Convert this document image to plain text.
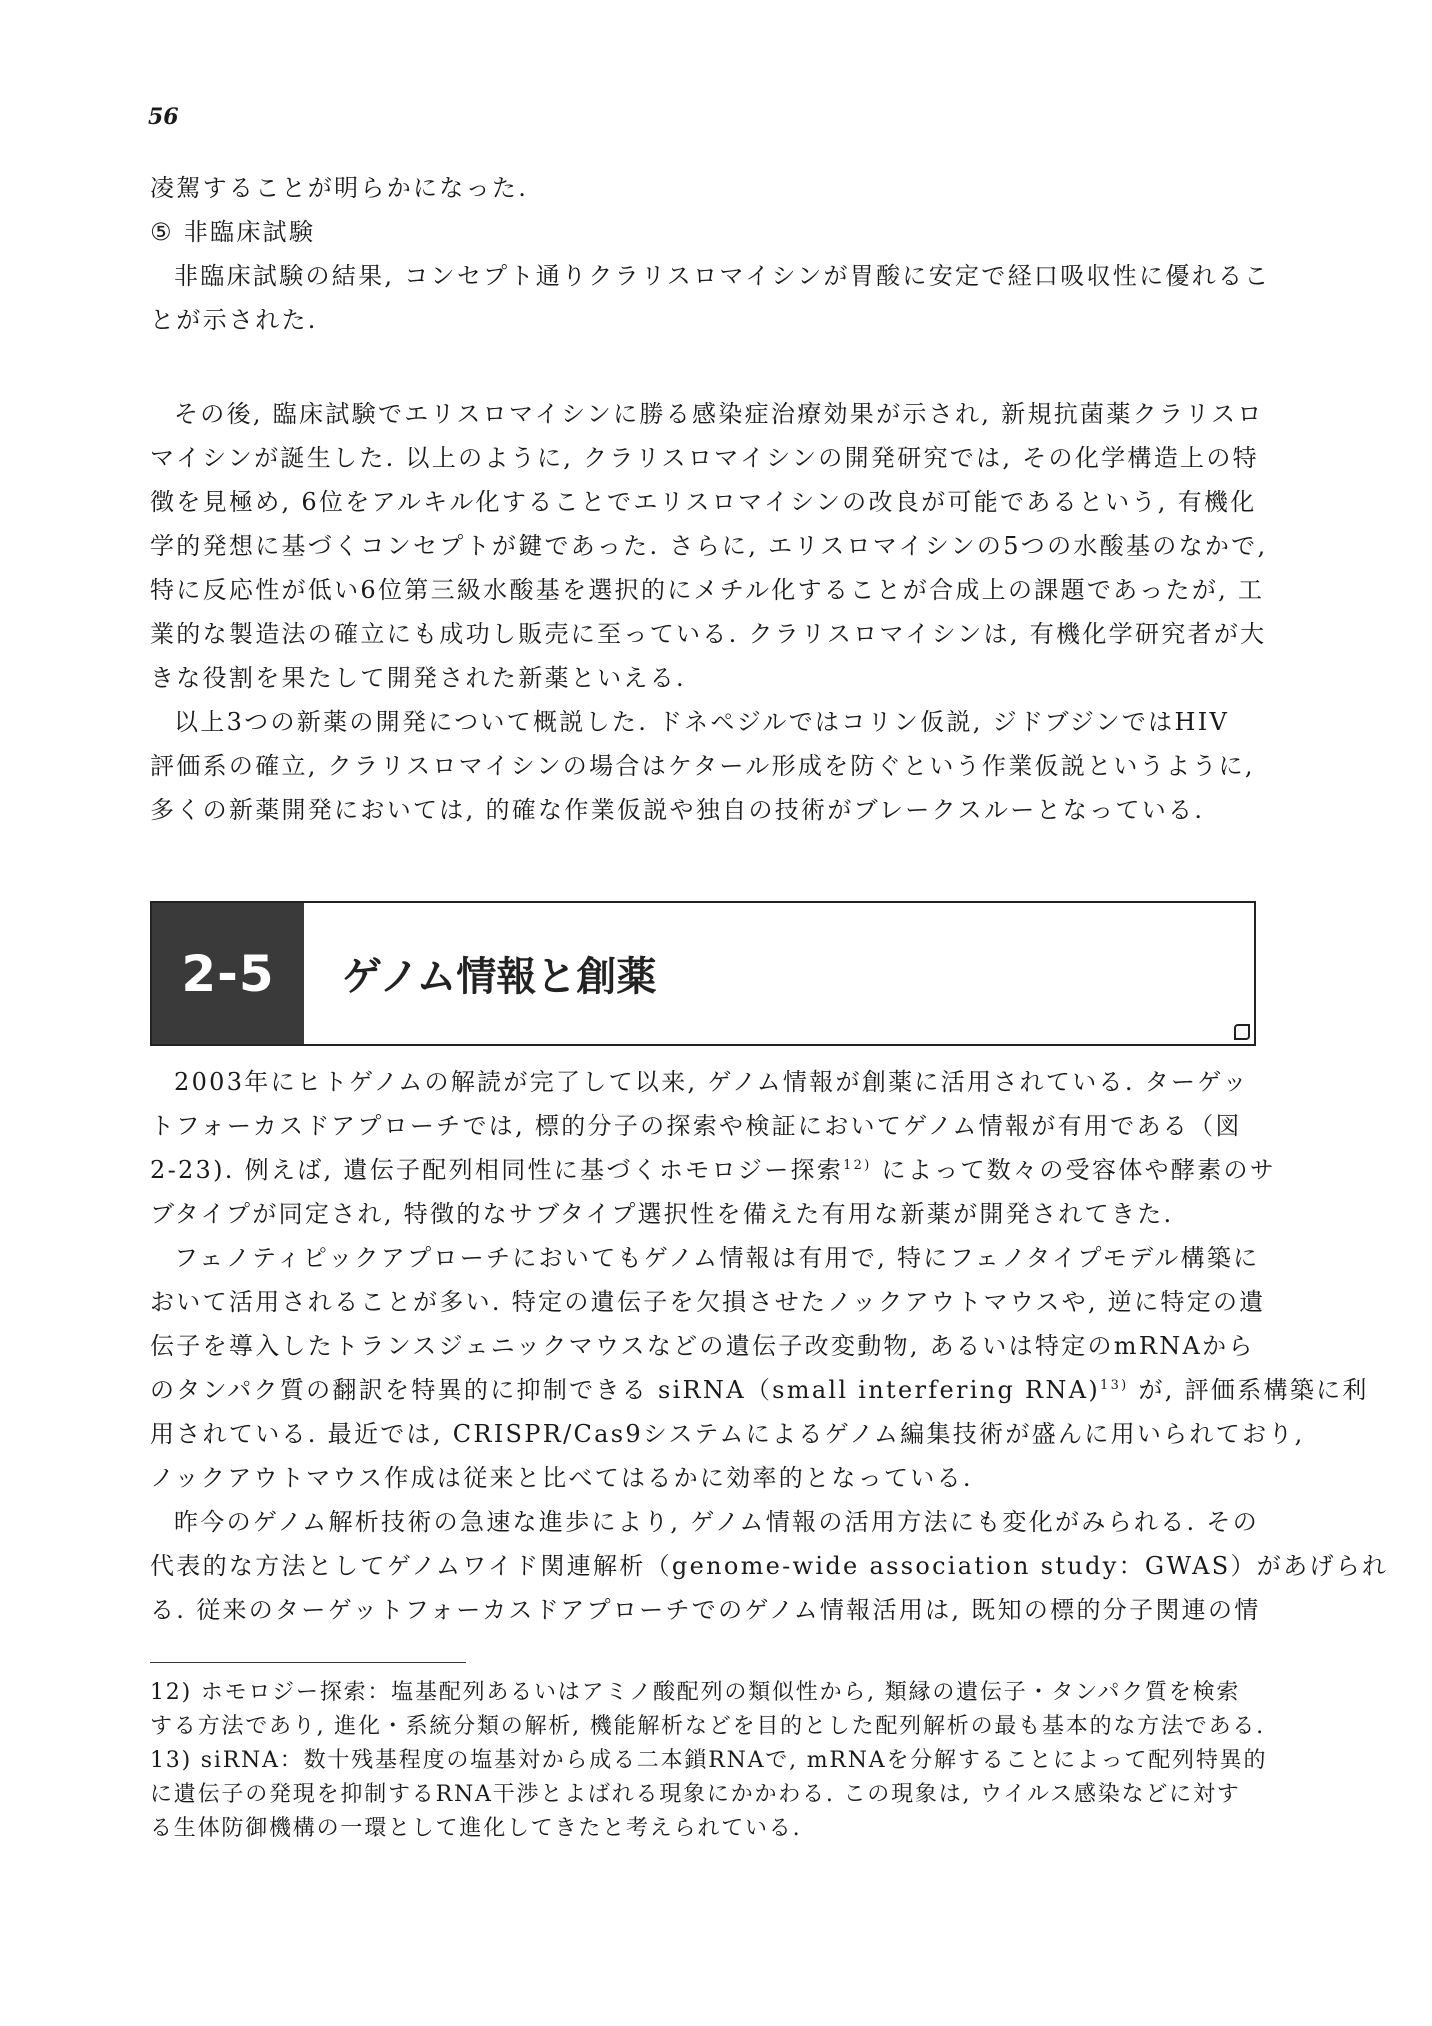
56
凌駕することが明らかになった.
⑤ 非臨床試験
非臨床試験の結果, コンセプト通りクラリスロマイシンが胃酸に安定で経口吸収性に優れるこ
とが示された.
その後, 臨床試験でエリスロマイシンに勝る感染症治療効果が示され, 新規抗菌薬クラリスロ
マイシンが誕生した. 以上のように, クラリスロマイシンの開発研究では, その化学構造上の特
徴を見極め, 6位をアルキル化することでエリスロマイシンの改良が可能であるという, 有機化
学的発想に基づくコンセプトが鍵であった. さらに, エリスロマイシンの5つの水酸基のなかで,
特に反応性が低い6位第三級水酸基を選択的にメチル化することが合成上の課題であったが, 工
業的な製造法の確立にも成功し販売に至っている. クラリスロマイシンは, 有機化学研究者が大
きな役割を果たして開発された新薬といえる.
以上3つの新薬の開発について概説した. ドネペジルではコリン仮説, ジドブジンではHIV
評価系の確立, クラリスロマイシンの場合はケタール形成を防ぐという作業仮説というように,
多くの新薬開発においては, 的確な作業仮説や独自の技術がブレークスルーとなっている.
2-5	ゲノム情報と創薬
2003年にヒトゲノムの解読が完了して以来, ゲノム情報が創薬に活用されている. ターゲッ
トフォーカスドアプローチでは, 標的分子の探索や検証においてゲノム情報が有用である（図
2-23). 例えば, 遺伝子配列相同性に基づくホモロジー探索$^{12)}$ によって数々の受容体や酵素のサ
ブタイプが同定され, 特徴的なサブタイプ選択性を備えた有用な新薬が開発されてきた.
フェノティピックアプローチにおいてもゲノム情報は有用で, 特にフェノタイプモデル構築に
おいて活用されることが多い. 特定の遺伝子を欠損させたノックアウトマウスや, 逆に特定の遺
伝子を導入したトランスジェニックマウスなどの遺伝子改変動物, あるいは特定のmRNAから
のタンパク質の翻訳を特異的に抑制できる siRNA（small interfering RNA)$^{13)}$ が, 評価系構築に利
用されている. 最近では, CRISPR/Cas9システムによるゲノム編集技術が盛んに用いられており,
ノックアウトマウス作成は従来と比べてはるかに効率的となっている.
昨今のゲノム解析技術の急速な進歩により, ゲノム情報の活用方法にも変化がみられる. その
代表的な方法としてゲノムワイド関連解析（genome-wide association study：GWAS）があげられ
る. 従来のターゲットフォーカスドアプローチでのゲノム情報活用は, 既知の標的分子関連の情
12) ホモロジー探索：塩基配列あるいはアミノ酸配列の類似性から, 類縁の遺伝子・タンパク質を検索
する方法であり, 進化・系統分類の解析, 機能解析などを目的とした配列解析の最も基本的な方法である.
13) siRNA：数十残基程度の塩基対から成る二本鎖RNAで, mRNAを分解することによって配列特異的
に遺伝子の発現を抑制するRNA干渉とよばれる現象にかかわる. この現象は, ウイルス感染などに対す
る生体防御機構の一環として進化してきたと考えられている.
